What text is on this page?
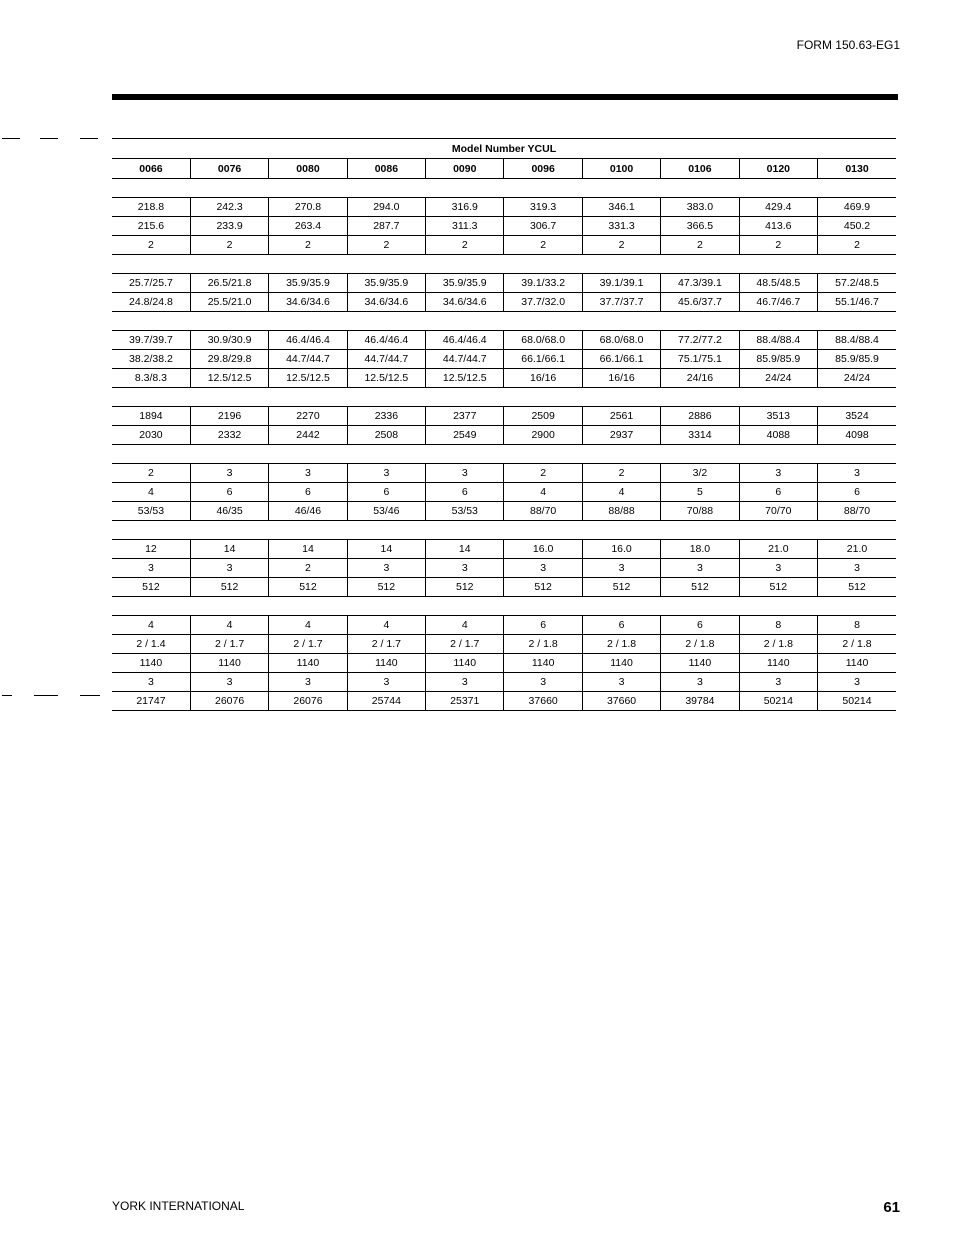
FORM 150.63-EG1
Model Number YCUL									
0066	0076	0080	0086	0090	0096	0100	0106	0120	0130

218.8	242.3	270.8	294.0	316.9	319.3	346.1	383.0	429.4	469.9
215.6	233.9	263.4	287.7	311.3	306.7	331.3	366.5	413.6	450.2
2	2	2	2	2	2	2	2	2	2

25.7/25.7	26.5/21.8	35.9/35.9	35.9/35.9	35.9/35.9	39.1/33.2	39.1/39.1	47.3/39.1	48.5/48.5	57.2/48.5
24.8/24.8	25.5/21.0	34.6/34.6	34.6/34.6	34.6/34.6	37.7/32.0	37.7/37.7	45.6/37.7	46.7/46.7	55.1/46.7

39.7/39.7	30.9/30.9	46.4/46.4	46.4/46.4	46.4/46.4	68.0/68.0	68.0/68.0	77.2/77.2	88.4/88.4	88.4/88.4
38.2/38.2	29.8/29.8	44.7/44.7	44.7/44.7	44.7/44.7	66.1/66.1	66.1/66.1	75.1/75.1	85.9/85.9	85.9/85.9
8.3/8.3	12.5/12.5	12.5/12.5	12.5/12.5	12.5/12.5	16/16	16/16	24/16	24/24	24/24

1894	2196	2270	2336	2377	2509	2561	2886	3513	3524
2030	2332	2442	2508	2549	2900	2937	3314	4088	4098

2	3	3	3	3	2	2	3/2	3	3
4	6	6	6	6	4	4	5	6	6
53/53	46/35	46/46	53/46	53/53	88/70	88/88	70/88	70/70	88/70

12	14	14	14	14	16.0	16.0	18.0	21.0	21.0
3	3	2	3	3	3	3	3	3	3
512	512	512	512	512	512	512	512	512	512

4	4	4	4	4	6	6	6	8	8
2 / 1.4	2 / 1.7	2 / 1.7	2 / 1.7	2 / 1.7	2 / 1.8	2 / 1.8	2 / 1.8	2 / 1.8	2 / 1.8
1140	1140	1140	1140	1140	1140	1140	1140	1140	1140
3	3	3	3	3	3	3	3	3	3
21747	26076	26076	25744	25371	37660	37660	39784	50214	50214
YORK INTERNATIONAL	61
